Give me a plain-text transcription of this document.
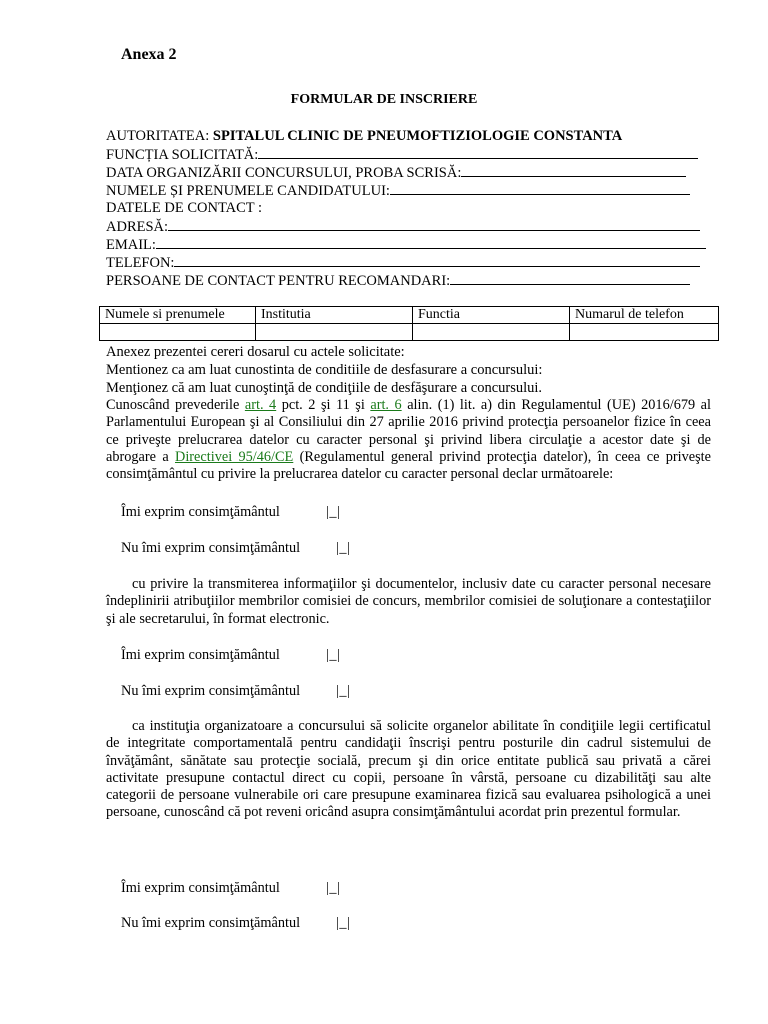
Anexa 2
FORMULAR DE INSCRIERE
AUTORITATEA: SPITALUL CLINIC DE PNEUMOFTIZIOLOGIE CONSTANTA
FUNCȚIA SOLICITATĂ:
DATA ORGANIZĂRII CONCURSULUI, PROBA SCRISĂ:
NUMELE ȘI PRENUMELE CANDIDATULUI:
DATELE DE CONTACT :
ADRESĂ:
EMAIL:
TELEFON:
PERSOANE DE CONTACT PENTRU RECOMANDARI:
Numele si prenumele	Institutia	Functia	Numarul de telefon

Anexez prezentei cereri dosarul cu actele solicitate:
Mentionez ca am luat cunostinta de conditiile de desfasurare a concursului:
Menţionez că am luat cunoştinţă de condiţiile de desfăşurare a concursului.
Cunoscând prevederile art. 4 pct. 2 şi 11 şi art. 6 alin. (1) lit. a) din Regulamentul (UE) 2016/679 al Parlamentului European şi al Consiliului din 27 aprilie 2016 privind protecţia persoanelor fizice în ceea ce priveşte prelucrarea datelor cu caracter personal şi privind libera circulaţie a acestor date şi de abrogare a Directivei 95/46/CE (Regulamentul general privind protecţia datelor), în ceea ce priveşte consimţământul cu privire la prelucrarea datelor cu caracter personal declar următoarele:
Îmi exprim consimţământul	|_|
Nu îmi exprim consimţământul	|_|
cu privire la transmiterea informaţiilor şi documentelor, inclusiv date cu caracter personal necesare îndeplinirii atribuţiilor membrilor comisiei de concurs, membrilor comisiei de soluţionare a contestaţiilor şi ale secretarului, în format electronic.
Îmi exprim consimţământul	|_|
Nu îmi exprim consimţământul	|_|
ca instituţia organizatoare a concursului să solicite organelor abilitate în condiţiile legii certificatul de integritate comportamentală pentru candidaţii înscrişi pentru posturile din cadrul sistemului de învăţământ, sănătate sau protecţie socială, precum şi din orice entitate publică sau privată a cărei activitate presupune contactul direct cu copii, persoane în vârstă, persoane cu dizabilităţi sau alte categorii de persoane vulnerabile ori care presupune examinarea fizică sau evaluarea psihologică a unei persoane, cunoscând că pot reveni oricând asupra consimţământului acordat prin prezentul formular.
Îmi exprim consimţământul	|_|
Nu îmi exprim consimţământul	|_|
